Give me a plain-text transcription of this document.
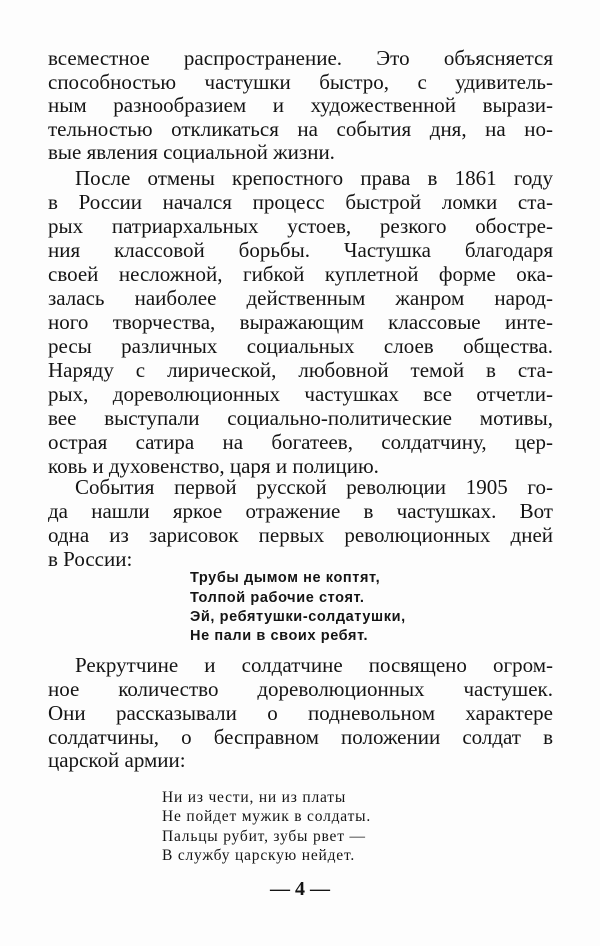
всеместное распространение. Это объясняется
способностью частушки быстро, с удивитель-
ным разнообразием и художественной вырази-
тельностью откликаться на события дня, на но-
вые явления социальной жизни.
После отмены крепостного права в 1861 году
в России начался процесс быстрой ломки ста-
рых патриархальных устоев, резкого обостре-
ния классовой борьбы. Частушка благодаря
своей несложной, гибкой куплетной форме ока-
залась наиболее действенным жанром народ-
ного творчества, выражающим классовые инте-
ресы различных социальных слоев общества.
Наряду с лирической, любовной темой в ста-
рых, дореволюционных частушках все отчетли-
вее выступали социально-политические мотивы,
острая сатира на богатеев, солдатчину, цер-
ковь и духовенство, царя и полицию.
События первой русской революции 1905 го-
да нашли яркое отражение в частушках. Вот
одна из зарисовок первых революционных дней
в России:
Трубы дымом не коптят,
Толпой рабочие стоят.
Эй, ребятушки-солдатушки,
Не пали в своих ребят.
Рекрутчине и солдатчине посвящено огром-
ное количество дореволюционных частушек.
Они рассказывали о подневольном характере
солдатчины, о бесправном положении солдат в
царской армии:
Ни из чести, ни из платы
Не пойдет мужик в солдаты.
Пальцы рубит, зубы рвет —
В службу царскую нейдет.
— 4 —
